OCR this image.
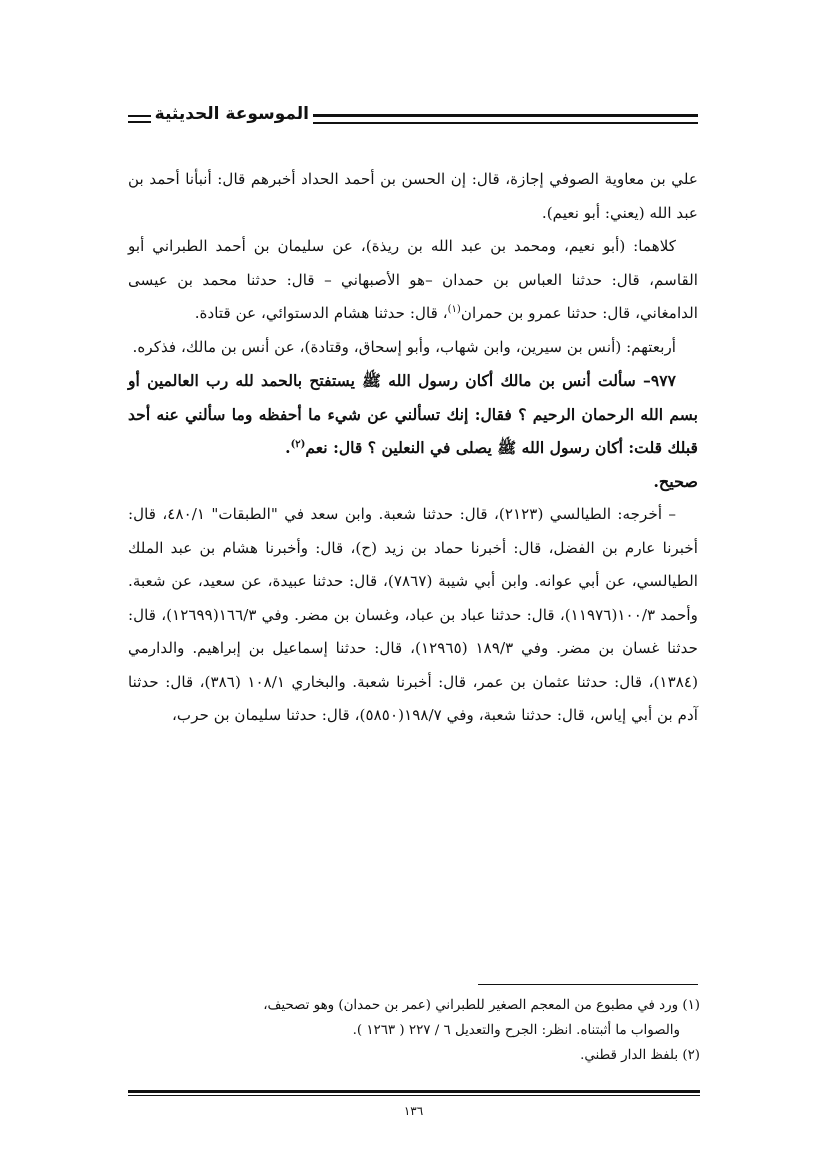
الموسوعة الحديثية

علي بن معاوية الصوفي إجازة، قال: إن الحسن بن أحمد الحداد أخبرهم قال: أنبأنا أحمد بن عبد الله (يعني: أبو نعيم).

كلاهما: (أبو نعيم، ومحمد بن عبد الله بن ريذة)، عن سليمان بن أحمد الطبراني أبو القاسم، قال: حدثنا العباس بن حمدان –هو الأصبهاني – قال: حدثنا محمد بن عيسى الدامغاني، قال: حدثنا عمرو بن حمران$^{(١)}$، قال: حدثنا هشام الدستوائي، عن قتادة.

أربعتهم: (أنس بن سيرين، وابن شهاب، وأبو إسحاق، وقتادة)، عن أنس بن مالك، فذكره.

٩٧٧– سألت أنس بن مالك أكان رسول الله ﷺ يستفتح بالحمد لله رب العالمين أو بسم الله الرحمان الرحيم ؟ فقال: إنك تسألني عن شيء ما أحفظه وما سألني عنه أحد قبلك قلت: أكان رسول الله ﷺ يصلى في النعلين ؟ قال: نعم$^{(٢)}$.

صحيح.

– أخرجه: الطيالسي (٢١٢٣)، قال: حدثنا شعبة. وابن سعد في "الطبقات" ٤٨٠/١، قال: أخبرنا عارم بن الفضل، قال: أخبرنا حماد بن زيد (ح)، قال: وأخبرنا هشام بن عبد الملك الطيالسي، عن أبي عوانه. وابن أبي شيبة (٧٨٦٧)، قال: حدثنا عبيدة، عن سعيد، عن شعبة. وأحمد ١٠٠/٣(١١٩٧٦)، قال: حدثنا عباد بن عباد، وغسان بن مضر. وفي ١٦٦/٣(١٢٦٩٩)، قال: حدثنا غسان بن مضر. وفي ١٨٩/٣ (١٢٩٦٥)، قال: حدثنا إسماعيل بن إبراهيم. والدارمي (١٣٨٤)، قال: حدثنا عثمان بن عمر، قال: أخبرنا شعبة. والبخاري ١٠٨/١ (٣٨٦)، قال: حدثنا آدم بن أبي إياس، قال: حدثنا شعبة، وفي ١٩٨/٧(٥٨٥٠)، قال: حدثنا سليمان بن حرب،

(١) ورد في مطبوع من المعجم الصغير للطبراني (عمر بن حمدان) وهو تصحيف،

والصواب ما أثبتناه. انظر: الجرح والتعديل ٦ / ٢٢٧ ( ١٢٦٣ ).

(٢) بلفظ الدار قطني.

١٣٦
